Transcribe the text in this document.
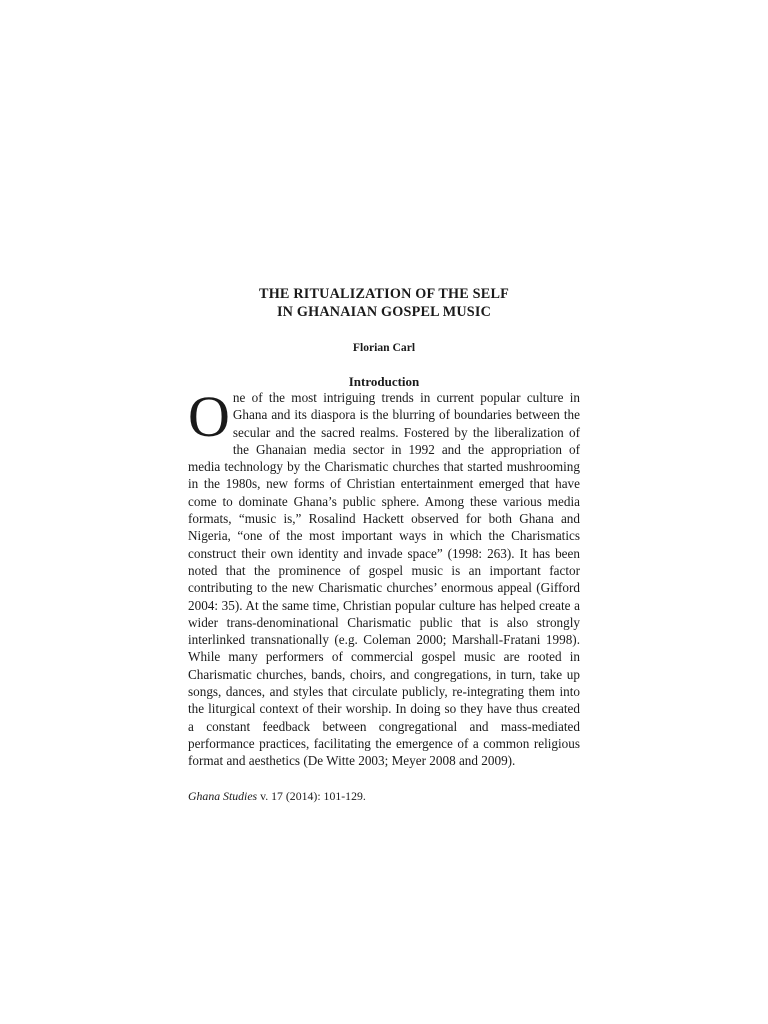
THE RITUALIZATION OF THE SELF
IN GHANAIAN GOSPEL MUSIC
Florian Carl
Introduction

One of the most intriguing trends in current popular culture in Ghana and its diaspora is the blurring of boundaries between the secular and the sacred realms. Fostered by the liberalization of the Ghanaian media sector in 1992 and the appropriation of media technology by the Charismatic churches that started mushrooming in the 1980s, new forms of Christian entertainment emerged that have come to dominate Ghana’s public sphere. Among these various media formats, “music is,” Rosalind Hackett observed for both Ghana and Nigeria, “one of the most important ways in which the Charismatics construct their own identity and invade space” (1998: 263). It has been noted that the prominence of gospel music is an important factor contributing to the new Charismatic churches’ enormous appeal (Gifford 2004: 35). At the same time, Christian popular culture has helped create a wider trans-denominational Charismatic public that is also strongly interlinked transnationally (e.g. Coleman 2000; Marshall-Fratani 1998). While many performers of commercial gospel music are rooted in Charismatic churches, bands, choirs, and congregations, in turn, take up songs, dances, and styles that circulate publicly, re-integrating them into the liturgical context of their worship. In doing so they have thus created a constant feedback between congregational and mass-mediated performance practices, facilitating the emergence of a common religious format and aesthetics (De Witte 2003; Meyer 2008 and 2009).

Ghana Studies v. 17 (2014): 101-129.
